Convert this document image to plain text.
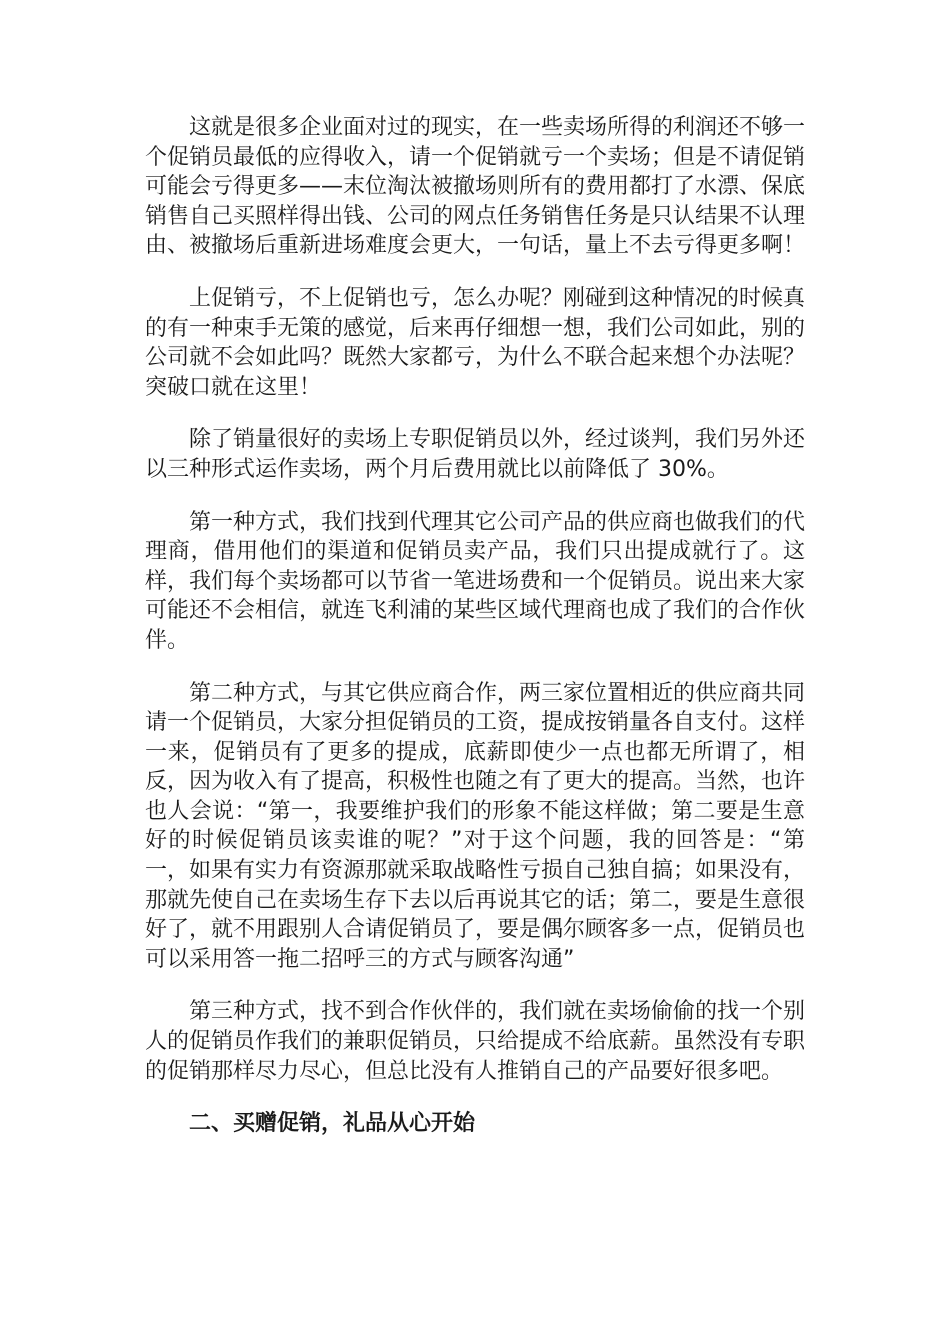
这就是很多企业面对过的现实，在一些卖场所得的利润还不够一个促销员最低的应得收入，请一个促销就亏一个卖场；但是不请促销可能会亏得更多——末位淘汰被撤场则所有的费用都打了水漂、保底销售自己买照样得出钱、公司的网点任务销售任务是只认结果不认理由、被撤场后重新进场难度会更大，一句话，量上不去亏得更多啊！

上促销亏，不上促销也亏，怎么办呢？刚碰到这种情况的时候真的有一种束手无策的感觉，后来再仔细想一想，我们公司如此，别的公司就不会如此吗？既然大家都亏，为什么不联合起来想个办法呢？突破口就在这里！

除了销量很好的卖场上专职促销员以外，经过谈判，我们另外还以三种形式运作卖场，两个月后费用就比以前降低了 30%。

第一种方式，我们找到代理其它公司产品的供应商也做我们的代理商，借用他们的渠道和促销员卖产品，我们只出提成就行了。这样，我们每个卖场都可以节省一笔进场费和一个促销员。说出来大家可能还不会相信，就连飞利浦的某些区域代理商也成了我们的合作伙伴。

第二种方式，与其它供应商合作，两三家位置相近的供应商共同请一个促销员，大家分担促销员的工资，提成按销量各自支付。这样一来，促销员有了更多的提成，底薪即使少一点也都无所谓了，相反，因为收入有了提高，积极性也随之有了更大的提高。当然，也许也人会说：“第一，我要维护我们的形象不能这样做；第二要是生意好的时候促销员该卖谁的呢？”对于这个问题，我的回答是：“第一，如果有实力有资源那就采取战略性亏损自己独自搞；如果没有，那就先使自己在卖场生存下去以后再说其它的话；第二，要是生意很好了，就不用跟别人合请促销员了，要是偶尔顾客多一点，促销员也可以采用答一拖二招呼三的方式与顾客沟通”

第三种方式，找不到合作伙伴的，我们就在卖场偷偷的找一个别人的促销员作我们的兼职促销员，只给提成不给底薪。虽然没有专职的促销那样尽力尽心，但总比没有人推销自己的产品要好很多吧。

二、买赠促销，礼品从心开始
